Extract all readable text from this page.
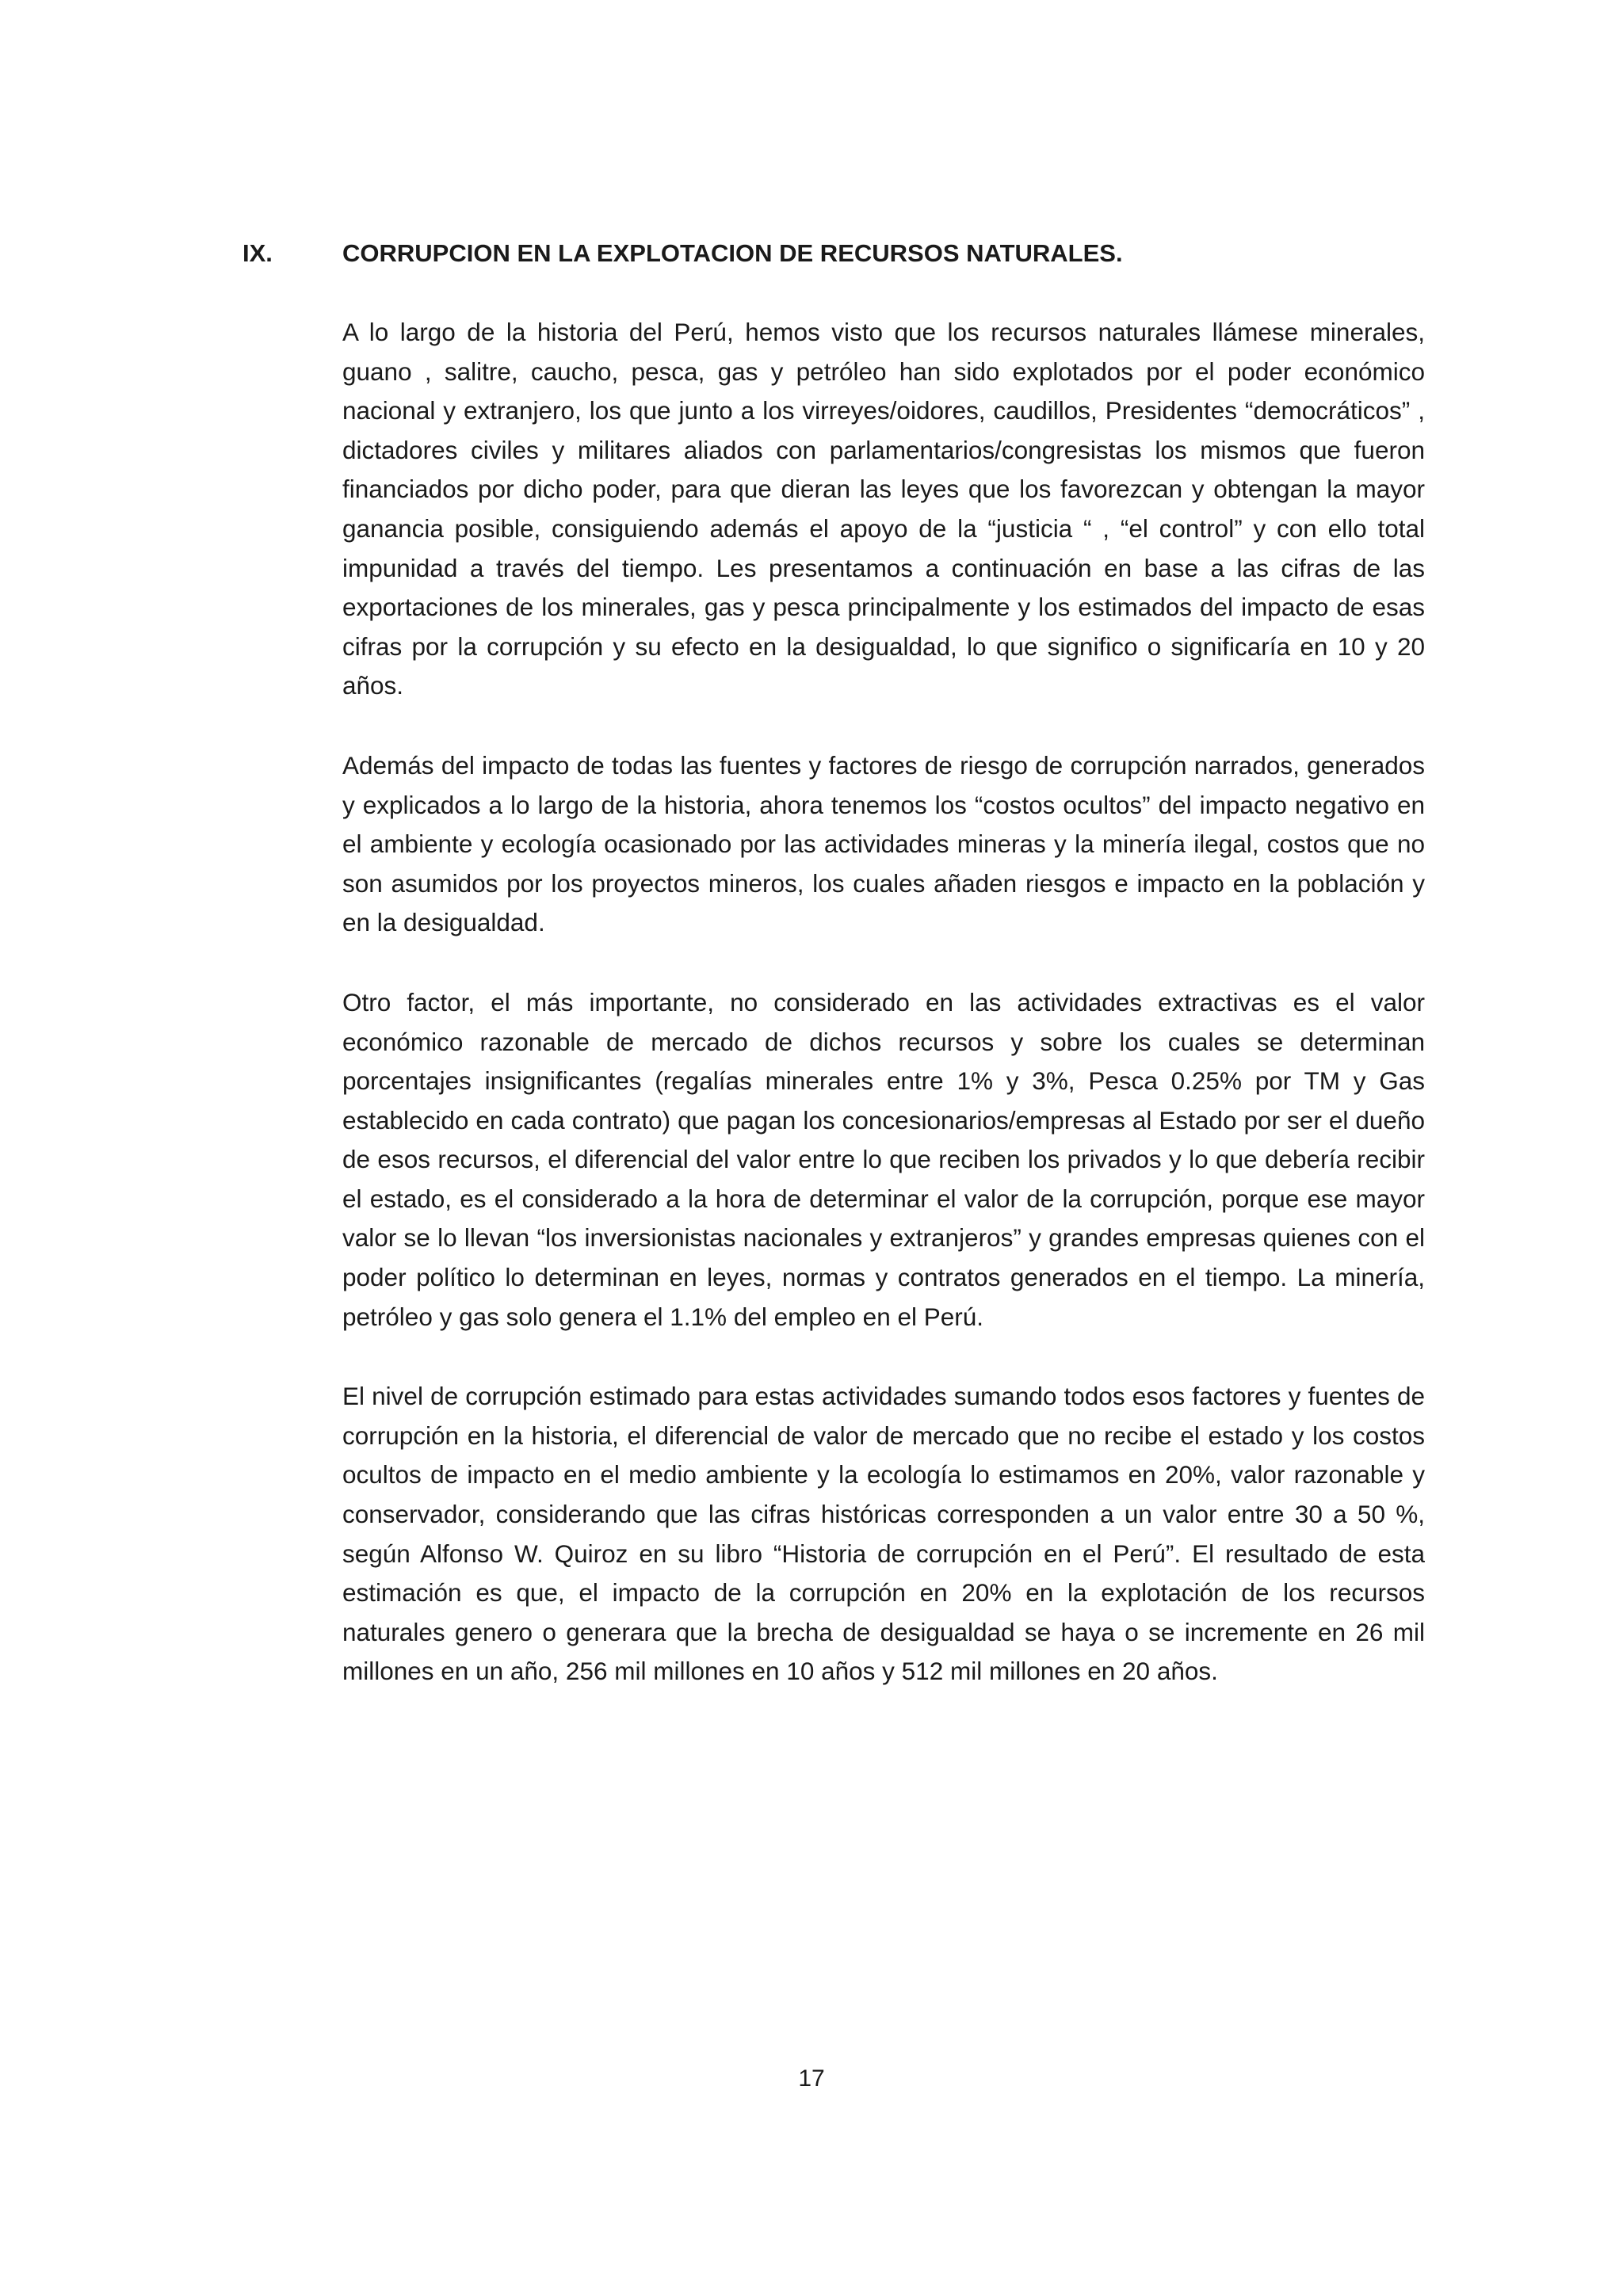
IX.	CORRUPCION EN LA EXPLOTACION DE RECURSOS NATURALES.

A lo largo de la historia del Perú, hemos visto que los recursos naturales llámese minerales, guano , salitre, caucho, pesca, gas y petróleo han sido explotados por el poder económico nacional y extranjero, los que junto a los virreyes/oidores, caudillos, Presidentes “democráticos” , dictadores civiles y militares aliados con parlamentarios/congresistas los mismos que fueron financiados por dicho poder, para que dieran las leyes que los favorezcan y obtengan la mayor ganancia posible, consiguiendo además el apoyo de la “justicia “ , “el control” y con ello total impunidad a través del tiempo. Les presentamos a continuación en base a las cifras de las exportaciones de los minerales, gas y pesca principalmente y los estimados del impacto de esas cifras por la corrupción y su efecto en la desigualdad, lo que significo o significaría en 10 y 20 años.

Además del impacto de todas las fuentes y factores de riesgo de corrupción narrados, generados y explicados a lo largo de la historia, ahora tenemos los “costos ocultos” del impacto negativo en el ambiente y ecología ocasionado por las actividades mineras y la minería ilegal, costos que no son asumidos por los proyectos mineros, los cuales añaden riesgos e impacto en la población y en la desigualdad.

Otro factor, el más importante, no considerado en las actividades extractivas es el valor económico razonable de mercado de dichos recursos y sobre los cuales se determinan porcentajes insignificantes (regalías minerales entre 1% y 3%, Pesca 0.25% por TM y Gas establecido en cada contrato) que pagan los concesionarios/empresas al Estado por ser el dueño de esos recursos, el diferencial del valor entre lo que reciben los privados y lo que debería recibir el estado, es el considerado a la hora de determinar el valor de la corrupción, porque ese mayor valor se lo llevan “los inversionistas nacionales y extranjeros” y grandes empresas quienes con el poder político lo determinan en leyes, normas y contratos generados en el tiempo. La minería, petróleo y gas solo genera el 1.1% del empleo en el Perú.

El nivel de corrupción estimado para estas actividades sumando todos esos factores y fuentes de corrupción en la historia, el diferencial de valor de mercado que no recibe el estado y los costos ocultos de impacto en el medio ambiente y la ecología lo estimamos en 20%, valor razonable y conservador, considerando que las cifras históricas corresponden a un valor entre 30 a 50 %, según Alfonso W. Quiroz en su libro “Historia de corrupción en el Perú”. El resultado de esta estimación es que, el impacto de la corrupción en 20% en la explotación de los recursos naturales genero o generara que la brecha de desigualdad se haya o se incremente en 26 mil millones en un año, 256 mil millones en 10 años y 512 mil millones en 20 años.

17
